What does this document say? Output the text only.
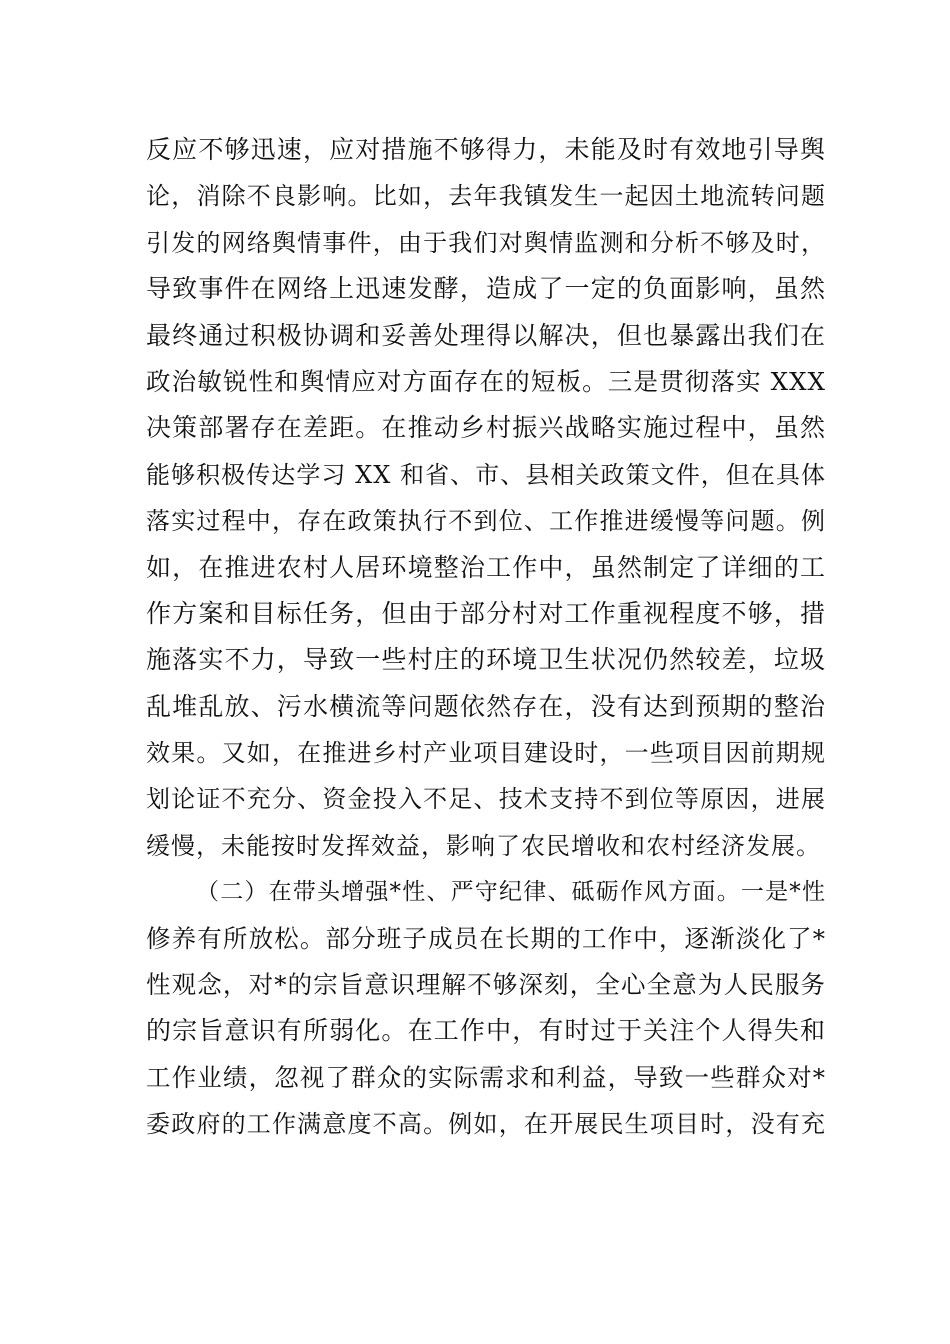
反应不够迅速，应对措施不够得力，未能及时有效地引导舆
论，消除不良影响。比如，去年我镇发生一起因土地流转问题
引发的网络舆情事件，由于我们对舆情监测和分析不够及时，
导致事件在网络上迅速发酵，造成了一定的负面影响，虽然
最终通过积极协调和妥善处理得以解决，但也暴露出我们在
政治敏锐性和舆情应对方面存在的短板。三是贯彻落实 XXX
决策部署存在差距。在推动乡村振兴战略实施过程中，虽然
能够积极传达学习 XX 和省、市、县相关政策文件，但在具体
落实过程中，存在政策执行不到位、工作推进缓慢等问题。例
如，在推进农村人居环境整治工作中，虽然制定了详细的工
作方案和目标任务，但由于部分村对工作重视程度不够，措
施落实不力，导致一些村庄的环境卫生状况仍然较差，垃圾
乱堆乱放、污水横流等问题依然存在，没有达到预期的整治
效果。又如，在推进乡村产业项目建设时，一些项目因前期规
划论证不充分、资金投入不足、技术支持不到位等原因，进展
缓慢，未能按时发挥效益，影响了农民增收和农村经济发展。
（二）在带头增强*性、严守纪律、砥砺作风方面。一是*性
修养有所放松。部分班子成员在长期的工作中，逐渐淡化了*
性观念，对*的宗旨意识理解不够深刻，全心全意为人民服务
的宗旨意识有所弱化。在工作中，有时过于关注个人得失和
工作业绩，忽视了群众的实际需求和利益，导致一些群众对*
委政府的工作满意度不高。例如，在开展民生项目时，没有充
